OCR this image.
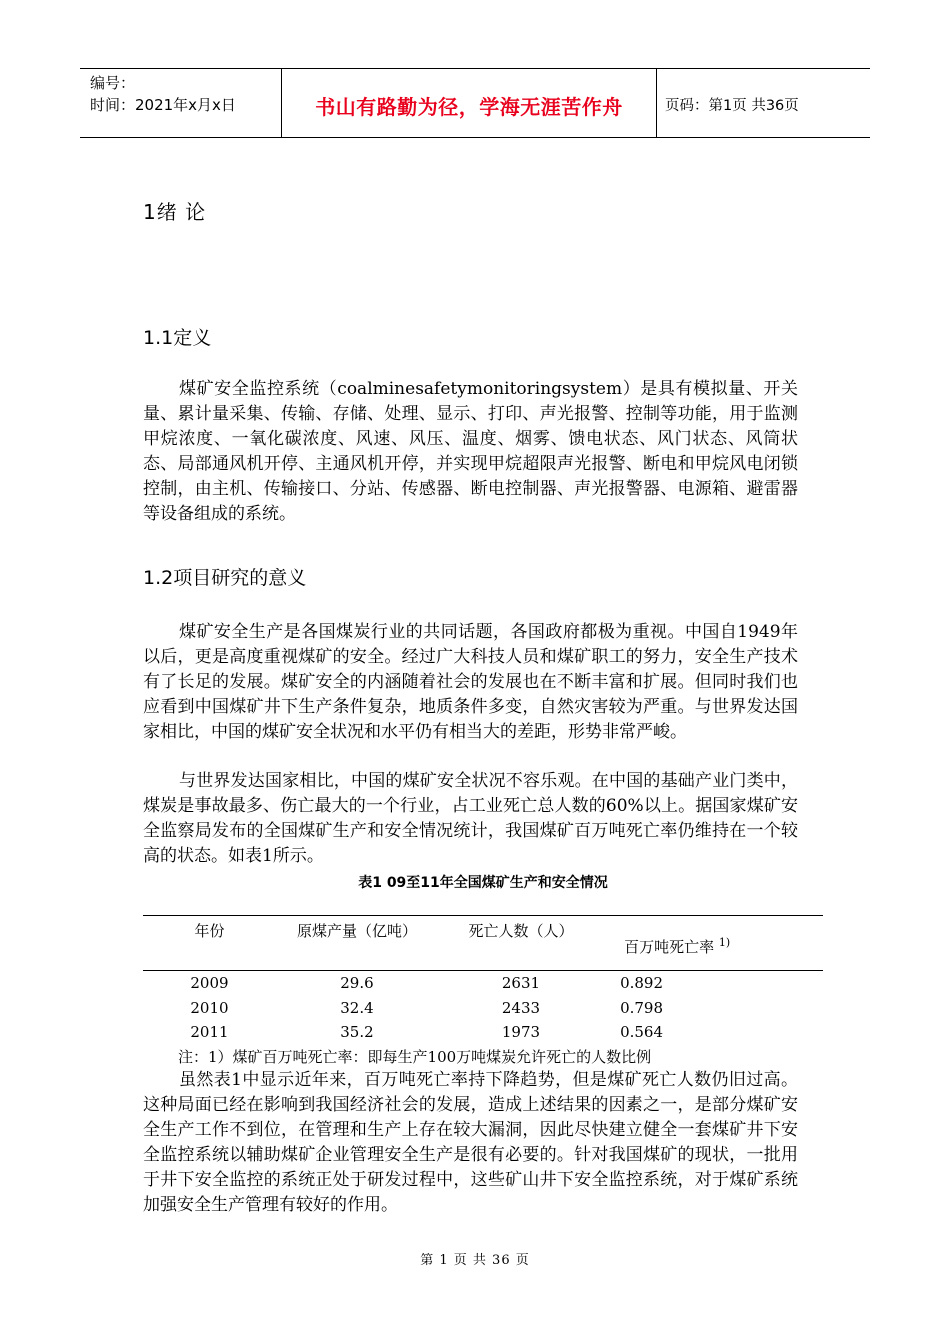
编号：
时间：2021年x月x日	书山有路勤为径，学海无涯苦作舟	页码：第1页 共36页
1绪 论
1.1定义

煤矿安全监控系统（coalminesafetymonitoringsystem）是具有模拟量、开关量、累计量采集、传输、存储、处理、显示、打印、声光报警、控制等功能，用于监测甲烷浓度、一氧化碳浓度、风速、风压、温度、烟雾、馈电状态、风门状态、风筒状态、局部通风机开停、主通风机开停，并实现甲烷超限声光报警、断电和甲烷风电闭锁控制，由主机、传输接口、分站、传感器、断电控制器、声光报警器、电源箱、避雷器等设备组成的系统。

1.2项目研究的意义

煤矿安全生产是各国煤炭行业的共同话题，各国政府都极为重视。中国自1949年以后，更是高度重视煤矿的安全。经过广大科技人员和煤矿职工的努力，安全生产技术有了长足的发展。煤矿安全的内涵随着社会的发展也在不断丰富和扩展。但同时我们也应看到中国煤矿井下生产条件复杂，地质条件多变，自然灾害较为严重。与世界发达国家相比，中国的煤矿安全状况和水平仍有相当大的差距，形势非常严峻。

与世界发达国家相比，中国的煤矿安全状况不容乐观。在中国的基础产业门类中，煤炭是事故最多、伤亡最大的一个行业，占工业死亡总人数的60%以上。据国家煤矿安全监察局发布的全国煤矿生产和安全情况统计，我国煤矿百万吨死亡率仍维持在一个较高的状态。如表1所示。

表1 09至11年全国煤矿生产和安全情况
年份	原煤产量（亿吨）	死亡人数（人）	百万吨死亡率 $^{1)}$
2009	29.6	2631	0.892
2010	32.4	2433	0.798
2011	35.2	1973	0.564
注：1）煤矿百万吨死亡率：即每生产100万吨煤炭允许死亡的人数比例

虽然表1中显示近年来，百万吨死亡率持下降趋势，但是煤矿死亡人数仍旧过高。这种局面已经在影响到我国经济社会的发展，造成上述结果的因素之一，是部分煤矿安全生产工作不到位，在管理和生产上存在较大漏洞，因此尽快建立健全一套煤矿井下安全监控系统以辅助煤矿企业管理安全生产是很有必要的。针对我国煤矿的现状，一批用于井下安全监控的系统正处于研发过程中，这些矿山井下安全监控系统，对于煤矿系统加强安全生产管理有较好的作用。

第 1 页 共 36 页
